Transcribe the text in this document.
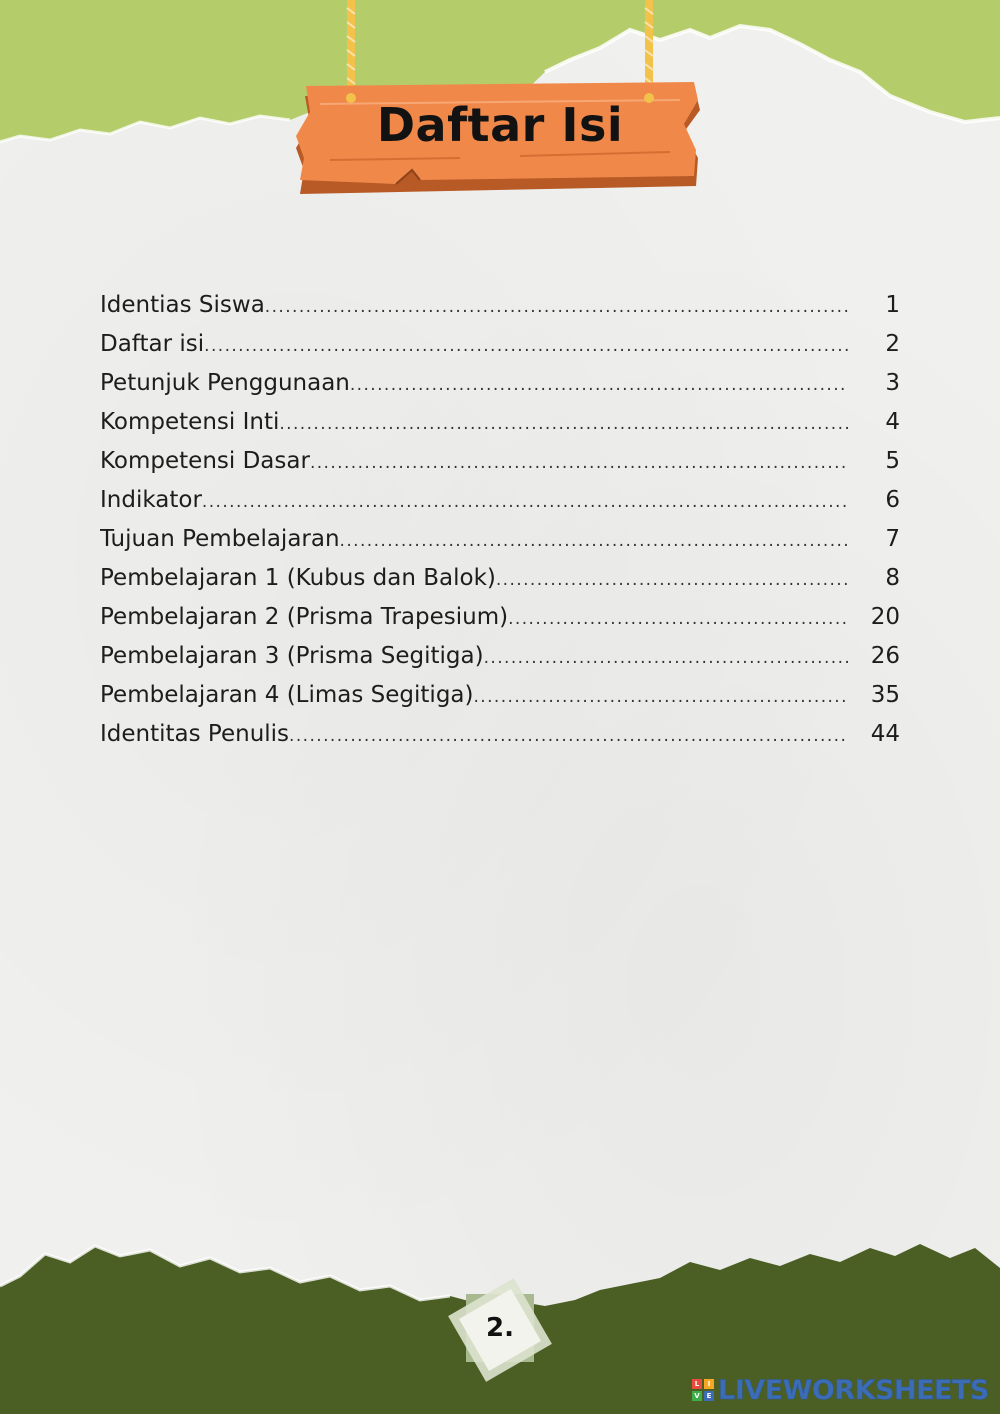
Daftar Isi
Identias Siswa . . .	1
Daftar isi . . .	2
Petunjuk Penggunaan . . .	3
Kompetensi Inti . . .	4
Kompetensi Dasar . . .	5
Indikator . . .	6
Tujuan Pembelajaran . . .	7
Pembelajaran 1 (Kubus dan Balok) . . .	8
Pembelajaran 2 (Prisma Trapesium) . . .	20
Pembelajaran 3 (Prisma Segitiga) . . .	26
Pembelajaran 4 (Limas Segitiga) . . .	35
Identitas Penulis . . .	44
2.
L	I
V E LIVEWORKSHEETS
